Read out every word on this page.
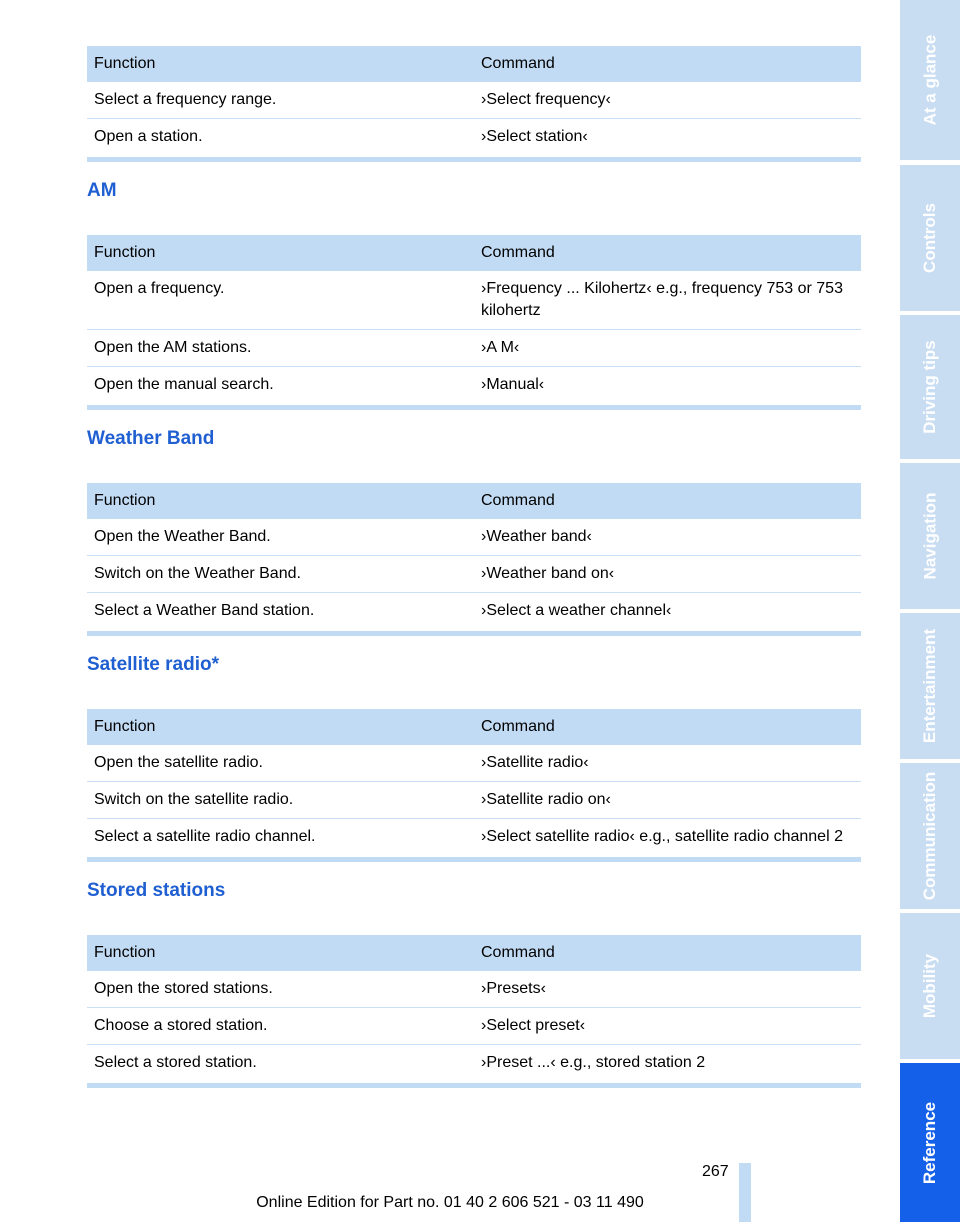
Function	Command
Select a frequency range.	›Select frequency‹
Open a station.	›Select station‹
AM
Function	Command
Open a frequency.	›Frequency ... Kilohertz‹ e.g., frequency 753 or 753 kilohertz
Open the AM stations.	›A M‹
Open the manual search.	›Manual‹
Weather Band
Function	Command
Open the Weather Band.	›Weather band‹
Switch on the Weather Band.	›Weather band on‹
Select a Weather Band station.	›Select a weather channel‹
Satellite radio*
Function	Command
Open the satellite radio.	›Satellite radio‹
Switch on the satellite radio.	›Satellite radio on‹
Select a satellite radio channel.	›Select satellite radio‹ e.g., satellite radio channel 2
Stored stations
Function	Command
Open the stored stations.	›Presets‹
Choose a stored station.	›Select preset‹
Select a stored station.	›Preset ...‹ e.g., stored station 2
At a glance
Controls
Driving tips
Navigation
Entertainment
Communication
Mobility
Reference
267
Online Edition for Part no. 01 40 2 606 521 - 03 11 490
